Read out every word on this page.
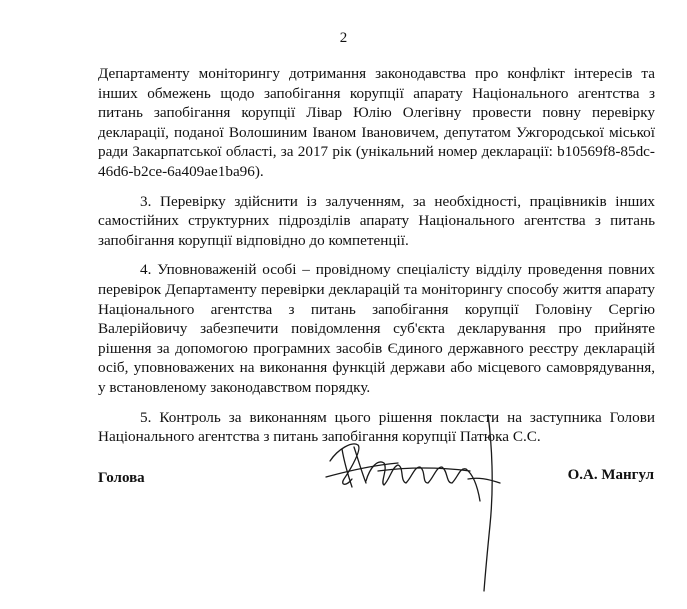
2

Департаменту моніторингу дотримання законодавства про конфлікт інтересів та інших обмежень щодо запобігання корупції апарату Національного агентства з питань запобігання корупції Лівар Юлію Олегівну провести повну перевірку декларації, поданої Волошиним Іваном Івановичем, депутатом Ужгородської міської ради Закарпатської області, за 2017 рік (унікальний номер декларації: b10569f8-85dc-46d6-b2ce-6a409ae1ba96).

3. Перевірку здійснити із залученням, за необхідності, працівників інших самостійних структурних підрозділів апарату Національного агентства з питань запобігання корупції відповідно до компетенції.

4. Уповноваженій особі – провідному спеціалісту відділу проведення повних перевірок Департаменту перевірки декларацій та моніторингу способу життя апарату Національного агентства з питань запобігання корупції Головіну Сергію Валерійовичу забезпечити повідомлення суб'єкта декларування про прийняте рішення за допомогою програмних засобів Єдиного державного реєстру декларацій осіб, уповноважених на виконання функцій держави або місцевого самоврядування, у встановленому законодавством порядку.

5. Контроль за виконанням цього рішення покласти на заступника Голови Національного агентства з питань запобігання корупції Патюка С.С.

Голова	О.А. Мангул
